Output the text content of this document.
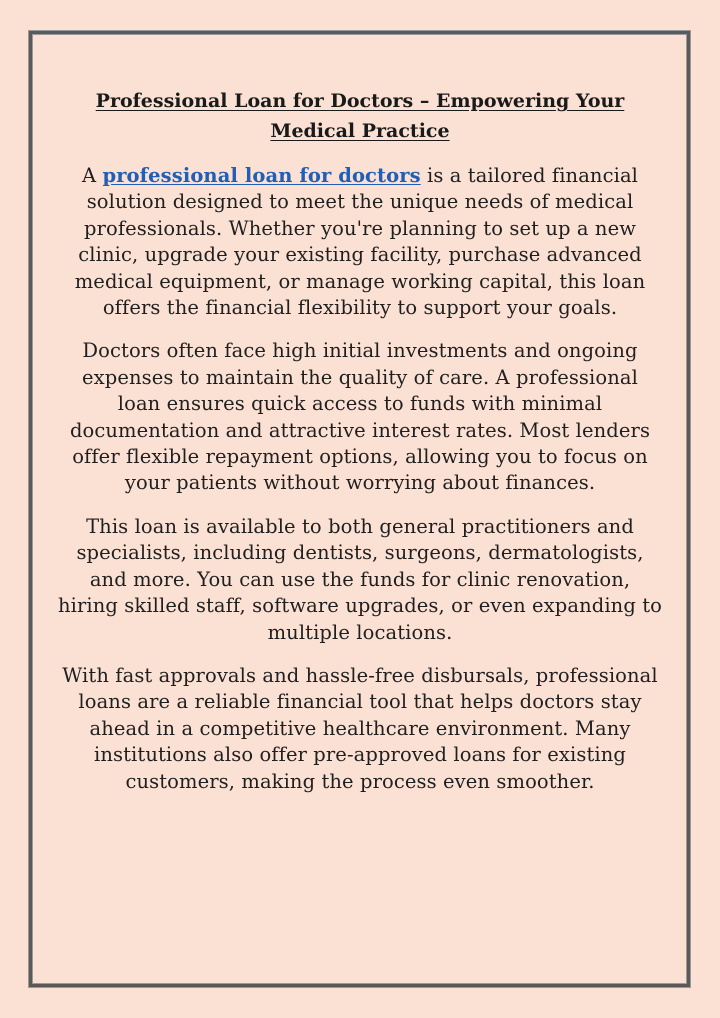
Professional Loan for Doctors – Empowering Your Medical Practice

A professional loan for doctors is a tailored financial solution designed to meet the unique needs of medical professionals. Whether you're planning to set up a new clinic, upgrade your existing facility, purchase advanced medical equipment, or manage working capital, this loan offers the financial flexibility to support your goals.

Doctors often face high initial investments and ongoing expenses to maintain the quality of care. A professional loan ensures quick access to funds with minimal documentation and attractive interest rates. Most lenders offer flexible repayment options, allowing you to focus on your patients without worrying about finances.

This loan is available to both general practitioners and specialists, including dentists, surgeons, dermatologists, and more. You can use the funds for clinic renovation, hiring skilled staff, software upgrades, or even expanding to multiple locations.

With fast approvals and hassle-free disbursals, professional loans are a reliable financial tool that helps doctors stay ahead in a competitive healthcare environment. Many institutions also offer pre-approved loans for existing customers, making the process even smoother.
